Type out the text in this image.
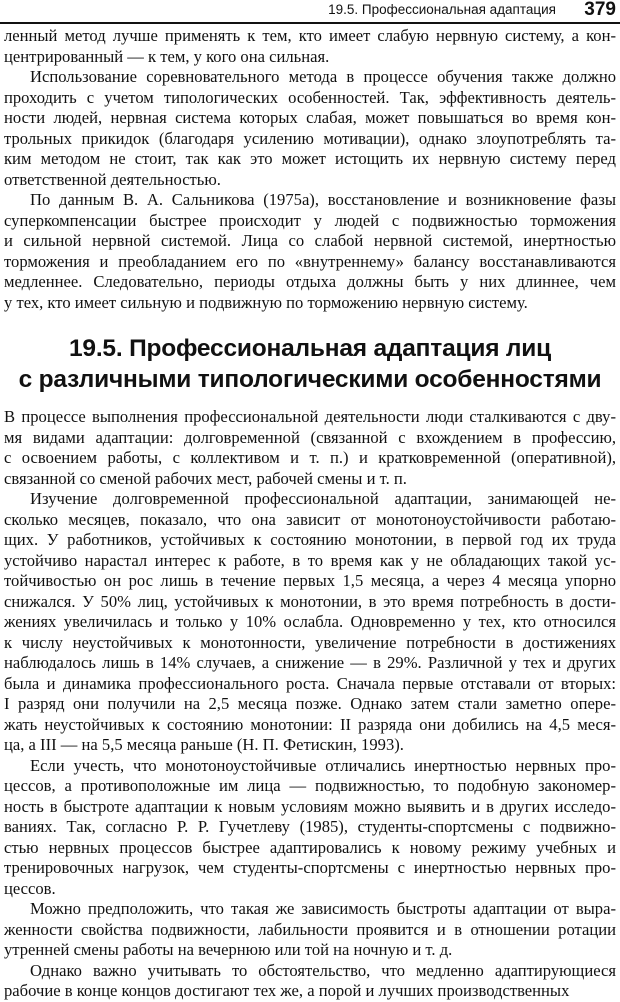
19.5. Профессиональная адаптация 379

ленный метод лучше применять к тем, кто имеет слабую нервную систему, а кон-
центрированный — к тем, у кого она сильная.

Использование соревновательного метода в процессе обучения также должно
проходить с учетом типологических особенностей. Так, эффективность деятель-
ности людей, нервная система которых слабая, может повышаться во время кон-
трольных прикидок (благодаря усилению мотивации), однако злоупотреблять та-
ким методом не стоит, так как это может истощить их нервную систему перед
ответственной деятельностью.

По данным В. А. Сальникова (1975а), восстановление и возникновение фазы
суперкомпенсации быстрее происходит у людей с подвижностью торможения
и сильной нервной системой. Лица со слабой нервной системой, инертностью
торможения и преобладанием его по «внутреннему» балансу восстанавливаются
медленнее. Следовательно, периоды отдыха должны быть у них длиннее, чем
у тех, кто имеет сильную и подвижную по торможению нервную систему.

19.5. Профессиональная адаптация лиц
с различными типологическими особенностями

В процессе выполнения профессиональной деятельности люди сталкиваются с дву-
мя видами адаптации: долговременной (связанной с вхождением в профессию,
с освоением работы, с коллективом и т. п.) и кратковременной (оперативной),
связанной со сменой рабочих мест, рабочей смены и т. п.

Изучение долговременной профессиональной адаптации, занимающей не-
сколько месяцев, показало, что она зависит от монотоноустойчивости работаю-
щих. У работников, устойчивых к состоянию монотонии, в первой год их труда
устойчиво нарастал интерес к работе, в то время как у не обладающих такой ус-
тойчивостью он рос лишь в течение первых 1,5 месяца, а через 4 месяца упорно
снижался. У 50% лиц, устойчивых к монотонии, в это время потребность в дости-
жениях увеличилась и только у 10% ослабла. Одновременно у тех, кто относился
к числу неустойчивых к монотонности, увеличение потребности в достижениях
наблюдалось лишь в 14% случаев, а снижение — в 29%. Различной у тех и других
была и динамика профессионального роста. Сначала первые отставали от вторых:
I разряд они получили на 2,5 месяца позже. Однако затем стали заметно опере-
жать неустойчивых к состоянию монотонии: II разряда они добились на 4,5 меся-
ца, а III — на 5,5 месяца раньше (Н. П. Фетискин, 1993).

Если учесть, что монотоноустойчивые отличались инертностью нервных про-
цессов, а противоположные им лица — подвижностью, то подобную закономер-
ность в быстроте адаптации к новым условиям можно выявить и в других исследо-
ваниях. Так, согласно Р. Р. Гучетлеву (1985), студенты-спортсмены с подвижно-
стью нервных процессов быстрее адаптировались к новому режиму учебных и
тренировочных нагрузок, чем студенты-спортсмены с инертностью нервных про-
цессов.

Можно предположить, что такая же зависимость быстроты адаптации от выра-
женности свойства подвижности, лабильности проявится и в отношении ротации
утренней смены работы на вечернюю или той на ночную и т. д.

Однако важно учитывать то обстоятельство, что медленно адаптирующиеся
рабочие в конце концов достигают тех же, а порой и лучших производственных
